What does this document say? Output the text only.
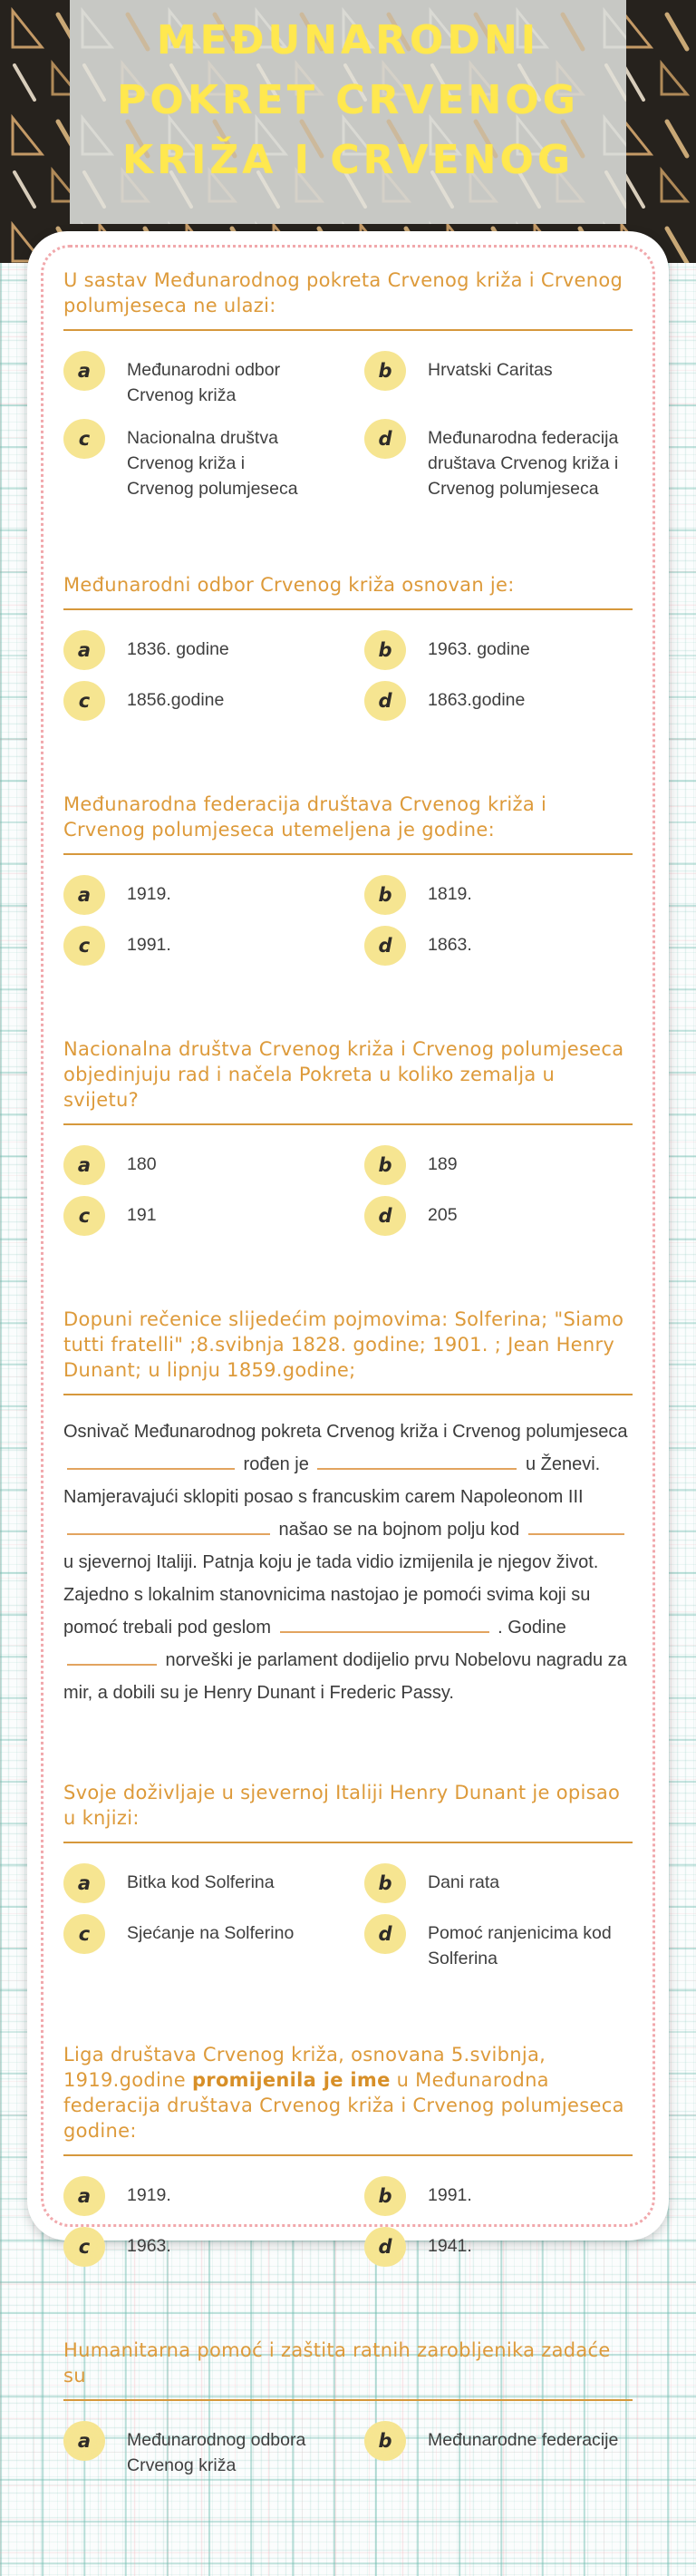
MEĐUNARODNI
POKRET CRVENOG
KRIŽA I CRVENOG
U sastav Međunarodnog pokreta Crvenog križa i Crvenog polumjeseca ne ulazi:
a	Međunarodni odbor Crvenog križa
b	Hrvatski Caritas
c	Nacionalna društva Crvenog križa i Crvenog polumjeseca
d	Međunarodna federacija društava Crvenog križa i Crvenog polumjeseca
Međunarodni odbor Crvenog križa osnovan je:
a	1836. godine	b	1963. godine
c	1856.godine	d	1863.godine
Međunarodna federacija društava Crvenog križa i Crvenog polumjeseca utemeljena je godine:
a	1919.	b	1819.
c	1991.	d	1863.
Nacionalna društva Crvenog križa i Crvenog polumjeseca objedinjuju rad i načela Pokreta u koliko zemalja u svijetu?
a	180	b	189
c	191	d	205
Dopuni rečenice slijedećim pojmovima: Solferina; "Siamo tutti fratelli" ;8.svibnja 1828. godine; 1901. ; Jean Henry Dunant; u lipnju 1859.godine;
Osnivač Međunarodnog pokreta Crvenog križa i Crvenog polumjeseca  rođen je	u Ženevi. Namjeravajući sklopiti posao s francuskim carem Napoleonom III  našao se na bojnom polju kod  u sjevernoj Italiji. Patnja koju je tada vidio izmijenila je njegov život. Zajedno s lokalnim stanovnicima nastojao je pomoći svima koji su pomoć trebali pod geslom	. Godine  norveški je parlament dodijelio prvu Nobelovu nagradu za mir, a dobili su je Henry Dunant i Frederic Passy.
Svoje doživljaje u sjevernoj Italiji Henry Dunant je opisao u knjizi:
a	Bitka kod Solferina	b	Dani rata
c	Sjećanje na Solferino	d	Pomoć ranjenicima kod Solferina
Liga društava Crvenog križa, osnovana 5.svibnja, 1919.godine promijenila je ime u Međunarodna federacija društava Crvenog križa i Crvenog polumjeseca godine:
a	1919.	b	1991.
c	1963.	d	1941.
Humanitarna pomoć i zaštita ratnih zarobljenika zadaće su
a	Međunarodnog odbora Crvenog križa
b	Međunarodne federacije
